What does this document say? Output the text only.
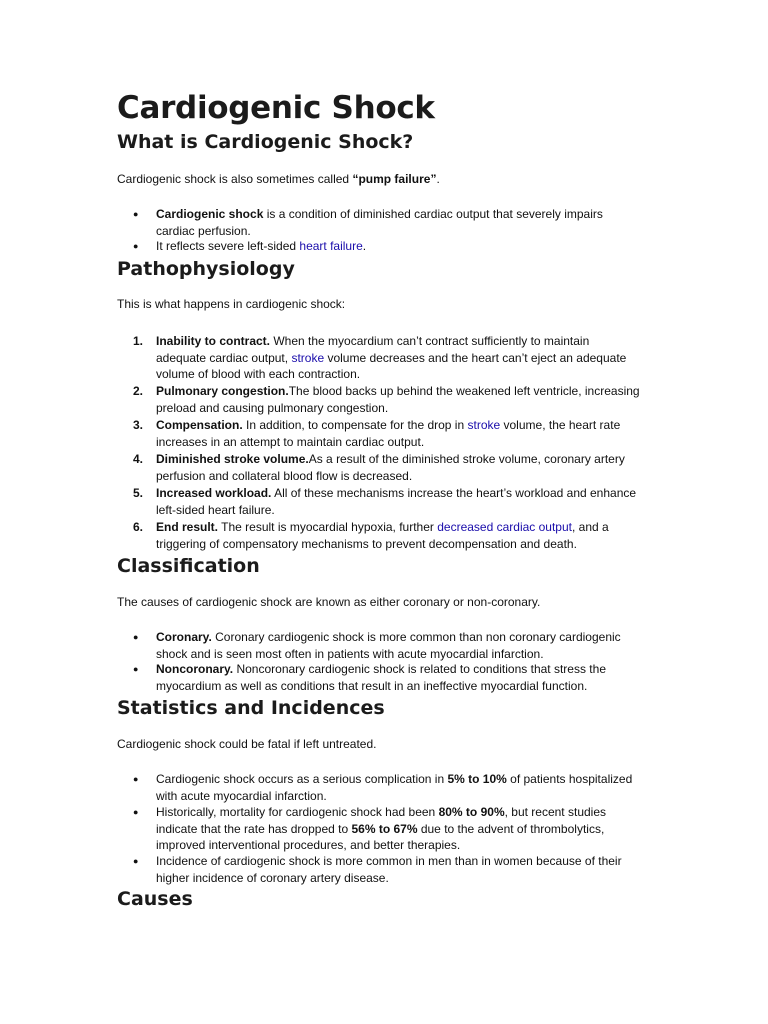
Cardiogenic Shock
What is Cardiogenic Shock?

Cardiogenic shock is also sometimes called “pump failure”.

● Cardiogenic shock is a condition of diminished cardiac output that severely impairs cardiac perfusion.
● It reflects severe left-sided heart failure.
Pathophysiology

This is what happens in cardiogenic shock:

1. Inability to contract. When the myocardium can’t contract sufficiently to maintain adequate cardiac output, stroke volume decreases and the heart can’t eject an adequate volume of blood with each contraction.
2. Pulmonary congestion.The blood backs up behind the weakened left ventricle, increasing preload and causing pulmonary congestion.
3. Compensation. In addition, to compensate for the drop in stroke volume, the heart rate increases in an attempt to maintain cardiac output.
4. Diminished stroke volume.As a result of the diminished stroke volume, coronary artery perfusion and collateral blood flow is decreased.
5. Increased workload. All of these mechanisms increase the heart’s workload and enhance left-sided heart failure.
6. End result. The result is myocardial hypoxia, further decreased cardiac output, and a triggering of compensatory mechanisms to prevent decompensation and death.
Classification

The causes of cardiogenic shock are known as either coronary or non-coronary.

● Coronary. Coronary cardiogenic shock is more common than non coronary cardiogenic shock and is seen most often in patients with acute myocardial infarction.
● Noncoronary. Noncoronary cardiogenic shock is related to conditions that stress the myocardium as well as conditions that result in an ineffective myocardial function.
Statistics and Incidences

Cardiogenic shock could be fatal if left untreated.

● Cardiogenic shock occurs as a serious complication in 5% to 10% of patients hospitalized with acute myocardial infarction.
● Historically, mortality for cardiogenic shock had been 80% to 90%, but recent studies indicate that the rate has dropped to 56% to 67% due to the advent of thrombolytics, improved interventional procedures, and better therapies.
● Incidence of cardiogenic shock is more common in men than in women because of their higher incidence of coronary artery disease.
Causes
